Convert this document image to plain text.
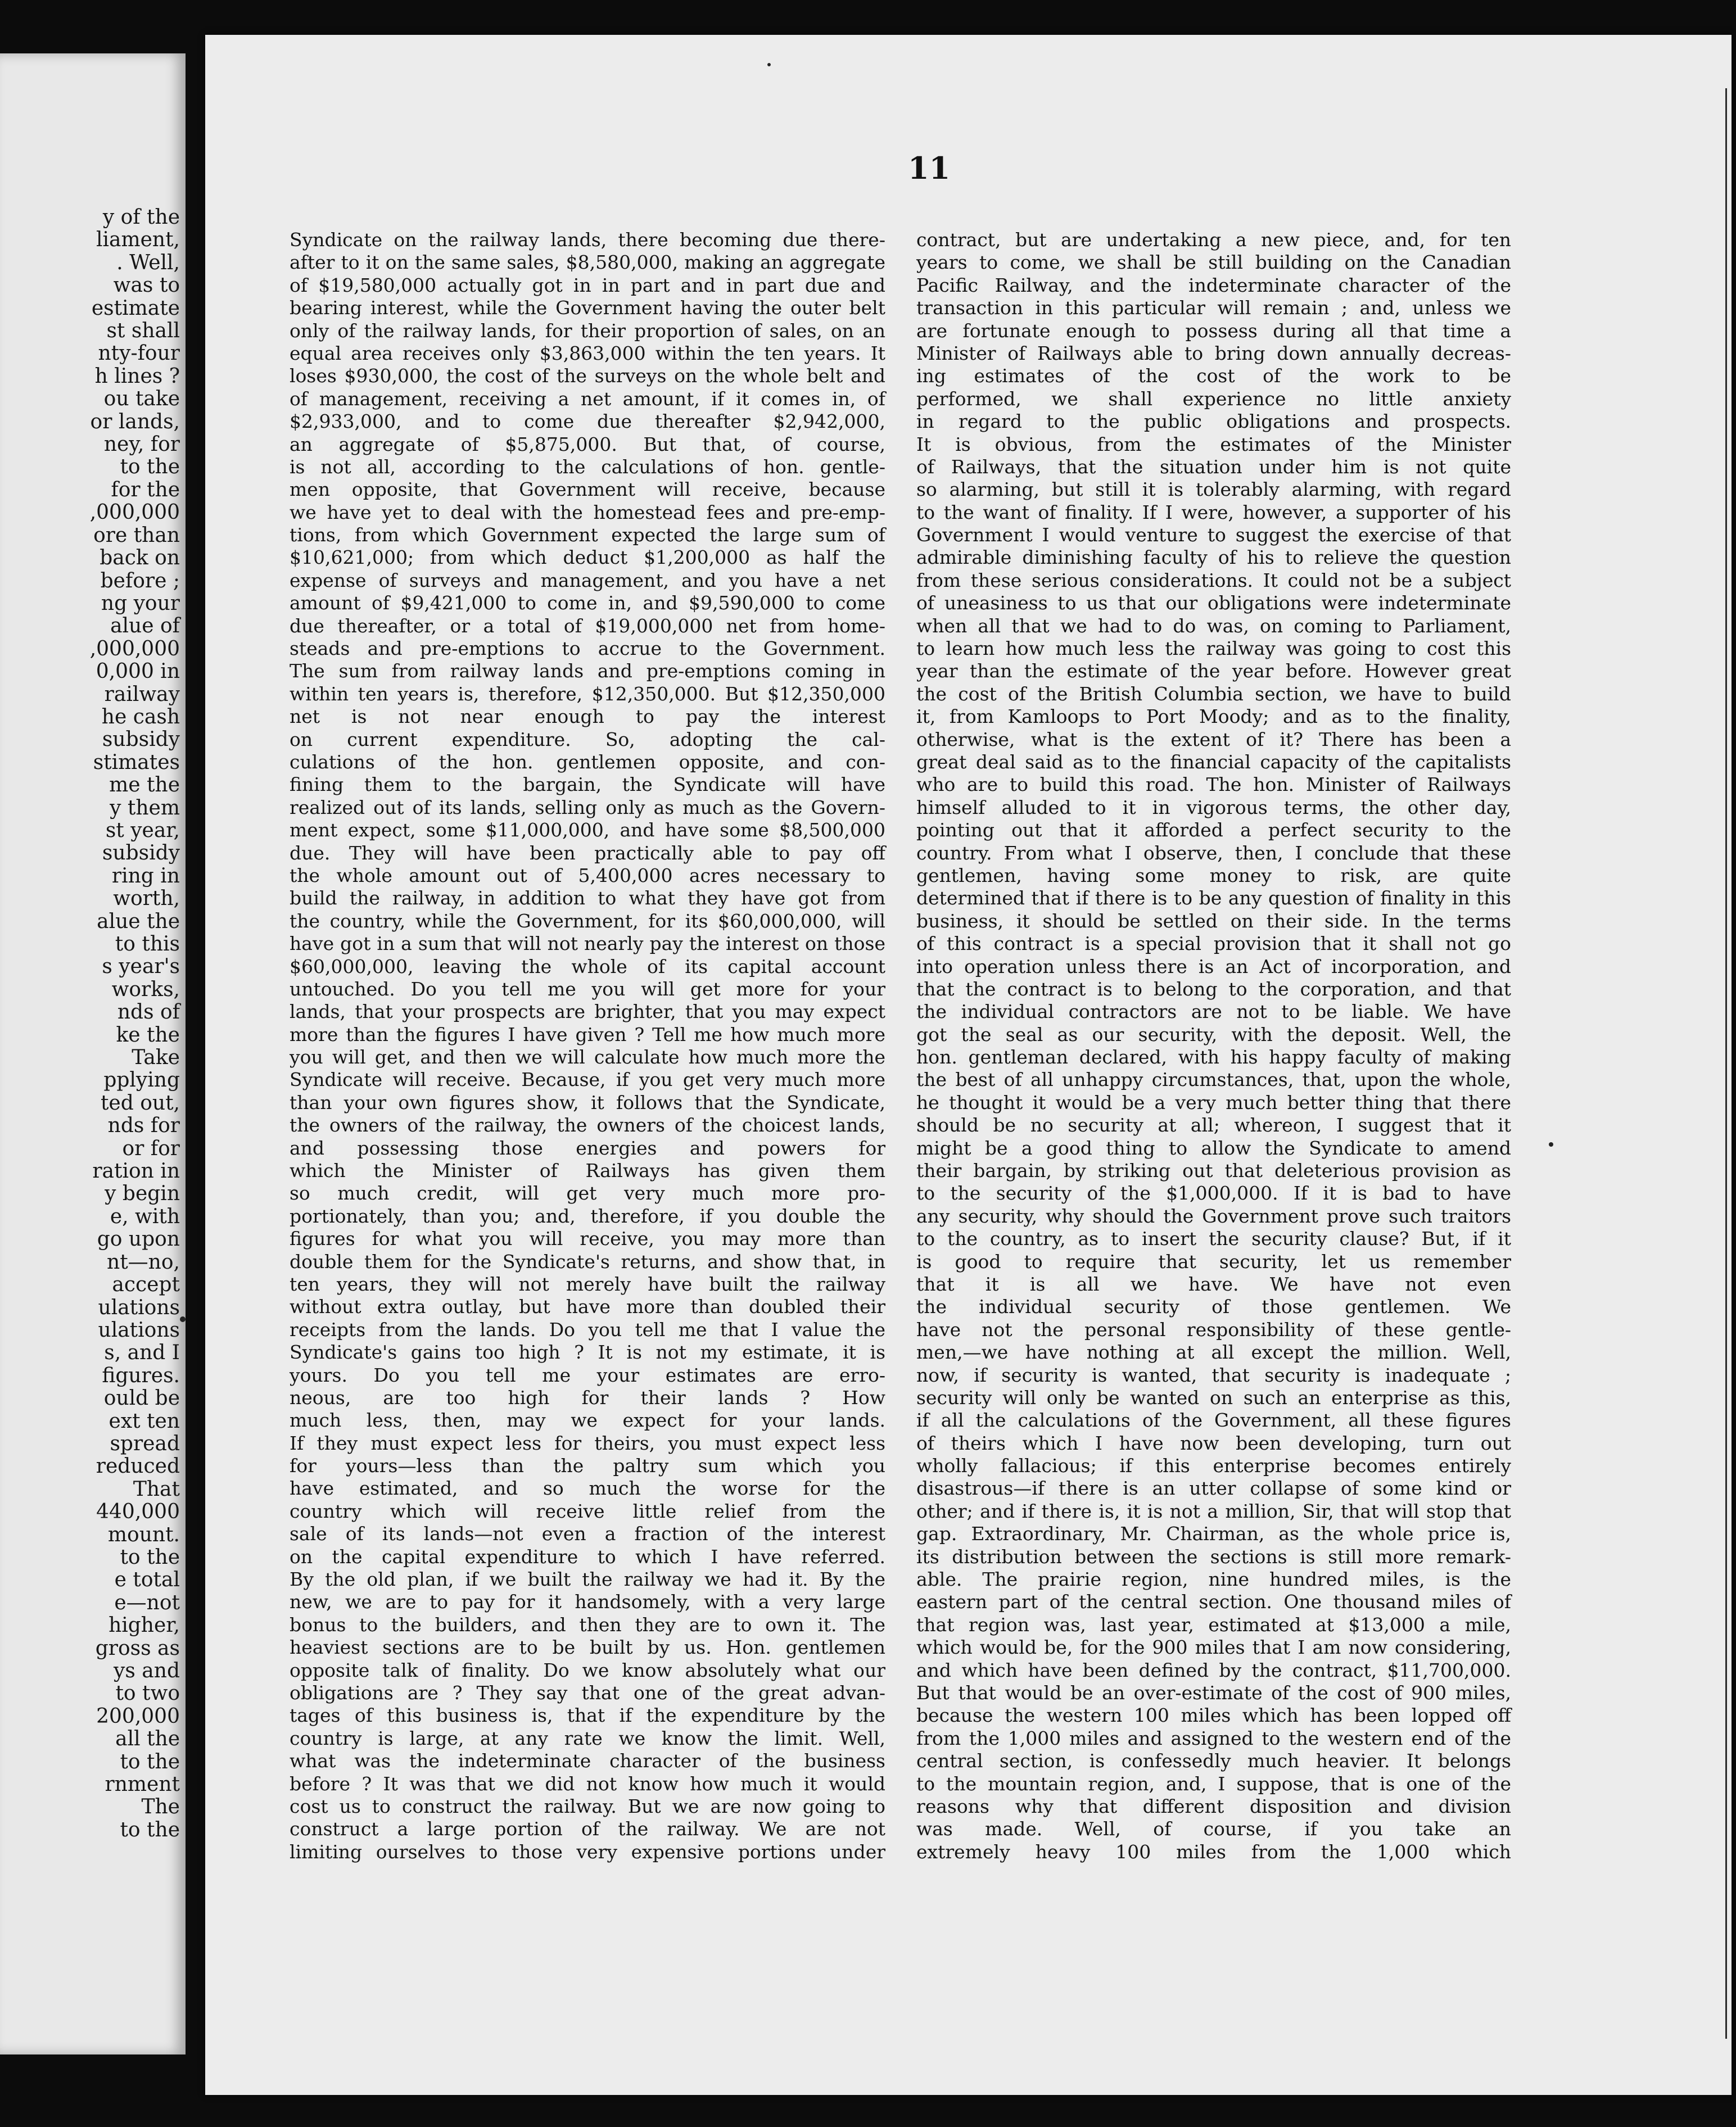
y of the
liament,
. Well,
was to
estimate
st shall
nty-four
h lines ?
ou take
or lands,
ney, for
to the
for the
,000,000
ore than
back on
before ;
ng your
alue of
,000,000
0,000 in
railway
he cash
subsidy
stimates
me the
y them
st year,
subsidy
ring in
worth,
alue the
to this
s year's
works,
nds of
ke the
Take
pplying
ted out,
nds for
or for
ration in
y begin
e, with
go upon
nt—no,
accept
ulations
ulations
s, and I
figures.
ould be
ext ten
spread
reduced
That
440,000
mount.
to the
e total
e—not
higher,
gross as
ys and
to two
200,000
all the
to the
rnment
The
to the
11
Syndicate on the railway lands, there becoming due there-
after to it on the same sales, $8,580,000, making an aggregate
of $19,580,000 actually got in in part and in part due and
bearing interest, while the Government having the outer belt
only of the railway lands, for their proportion of sales, on an
equal area receives only $3,863,000 within the ten years. It
loses $930,000, the cost of the surveys on the whole belt and
of management, receiving a net amount, if it comes in, of
$2,933,000, and to come due thereafter $2,942,000,
an aggregate of $5,875,000. But that, of course,
is not all, according to the calculations of hon. gentle-
men opposite, that Government will receive, because
we have yet to deal with the homestead fees and pre-emp-
tions, from which Government expected the large sum of
$10,621,000; from which deduct $1,200,000 as half the
expense of surveys and management, and you have a net
amount of $9,421,000 to come in, and $9,590,000 to come
due thereafter, or a total of $19,000,000 net from home-
steads and pre-emptions to accrue to the Government.
The sum from railway lands and pre-emptions coming in
within ten years is, therefore, $12,350,000. But $12,350,000
net is not near enough to pay the interest
on current expenditure. So, adopting the cal-
culations of the hon. gentlemen opposite, and con-
fining them to the bargain, the Syndicate will have
realized out of its lands, selling only as much as the Govern-
ment expect, some $11,000,000, and have some $8,500,000
due. They will have been practically able to pay off
the whole amount out of 5,400,000 acres necessary to
build the railway, in addition to what they have got from
the country, while the Government, for its $60,000,000, will
have got in a sum that will not nearly pay the interest on those
$60,000,000, leaving the whole of its capital account
untouched. Do you tell me you will get more for your
lands, that your prospects are brighter, that you may expect
more than the figures I have given ? Tell me how much more
you will get, and then we will calculate how much more the
Syndicate will receive. Because, if you get very much more
than your own figures show, it follows that the Syndicate,
the owners of the railway, the owners of the choicest lands,
and possessing those energies and powers for
which the Minister of Railways has given them
so much credit, will get very much more pro-
portionately, than you; and, therefore, if you double the
figures for what you will receive, you may more than
double them for the Syndicate's returns, and show that, in
ten years, they will not merely have built the railway
without extra outlay, but have more than doubled their
receipts from the lands. Do you tell me that I value the
Syndicate's gains too high ? It is not my estimate, it is
yours. Do you tell me your estimates are erro-
neous, are too high for their lands ? How
much less, then, may we expect for your lands.
If they must expect less for theirs, you must expect less
for yours—less than the paltry sum which you
have estimated, and so much the worse for the
country which will receive little relief from the
sale of its lands—not even a fraction of the interest
on the capital expenditure to which I have referred.
By the old plan, if we built the railway we had it. By the
new, we are to pay for it handsomely, with a very large
bonus to the builders, and then they are to own it. The
heaviest sections are to be built by us. Hon. gentlemen
opposite talk of finality. Do we know absolutely what our
obligations are ? They say that one of the great advan-
tages of this business is, that if the expenditure by the
country is large, at any rate we know the limit. Well,
what was the indeterminate character of the business
before ? It was that we did not know how much it would
cost us to construct the railway. But we are now going to
construct a large portion of the railway. We are not
limiting ourselves to those very expensive portions under
contract, but are undertaking a new piece, and, for ten
years to come, we shall be still building on the Canadian
Pacific Railway, and the indeterminate character of the
transaction in this particular will remain ; and, unless we
are fortunate enough to possess during all that time a
Minister of Railways able to bring down annually decreas-
ing estimates of the cost of the work to be
performed, we shall experience no little anxiety
in regard to the public obligations and prospects.
It is obvious, from the estimates of the Minister
of Railways, that the situation under him is not quite
so alarming, but still it is tolerably alarming, with regard
to the want of finality. If I were, however, a supporter of his
Government I would venture to suggest the exercise of that
admirable diminishing faculty of his to relieve the question
from these serious considerations. It could not be a subject
of uneasiness to us that our obligations were indeterminate
when all that we had to do was, on coming to Parliament,
to learn how much less the railway was going to cost this
year than the estimate of the year before. However great
the cost of the British Columbia section, we have to build
it, from Kamloops to Port Moody; and as to the finality,
otherwise, what is the extent of it? There has been a
great deal said as to the financial capacity of the capitalists
who are to build this road. The hon. Minister of Railways
himself alluded to it in vigorous terms, the other day,
pointing out that it afforded a perfect security to the
country. From what I observe, then, I conclude that these
gentlemen, having some money to risk, are quite
determined that if there is to be any question of finality in this
business, it should be settled on their side. In the terms
of this contract is a special provision that it shall not go
into operation unless there is an Act of incorporation, and
that the contract is to belong to the corporation, and that
the individual contractors are not to be liable. We have
got the seal as our security, with the deposit. Well, the
hon. gentleman declared, with his happy faculty of making
the best of all unhappy circumstances, that, upon the whole,
he thought it would be a very much better thing that there
should be no security at all; whereon, I suggest that it
might be a good thing to allow the Syndicate to amend
their bargain, by striking out that deleterious provision as
to the security of the $1,000,000. If it is bad to have
any security, why should the Government prove such traitors
to the country, as to insert the security clause? But, if it
is good to require that security, let us remember
that it is all we have. We have not even
the individual security of those gentlemen. We
have not the personal responsibility of these gentle-
men,—we have nothing at all except the million. Well,
now, if security is wanted, that security is inadequate ;
security will only be wanted on such an enterprise as this,
if all the calculations of the Government, all these figures
of theirs which I have now been developing, turn out
wholly fallacious; if this enterprise becomes entirely
disastrous—if there is an utter collapse of some kind or
other; and if there is, it is not a million, Sir, that will stop that
gap. Extraordinary, Mr. Chairman, as the whole price is,
its distribution between the sections is still more remark-
able. The prairie region, nine hundred miles, is the
eastern part of the central section. One thousand miles of
that region was, last year, estimated at $13,000 a mile,
which would be, for the 900 miles that I am now considering,
and which have been defined by the contract, $11,700,000.
But that would be an over-estimate of the cost of 900 miles,
because the western 100 miles which has been lopped off
from the 1,000 miles and assigned to the western end of the
central section, is confessedly much heavier. It belongs
to the mountain region, and, I suppose, that is one of the
reasons why that different disposition and division
was made. Well, of course, if you take an
extremely heavy 100 miles from the 1,000 which
